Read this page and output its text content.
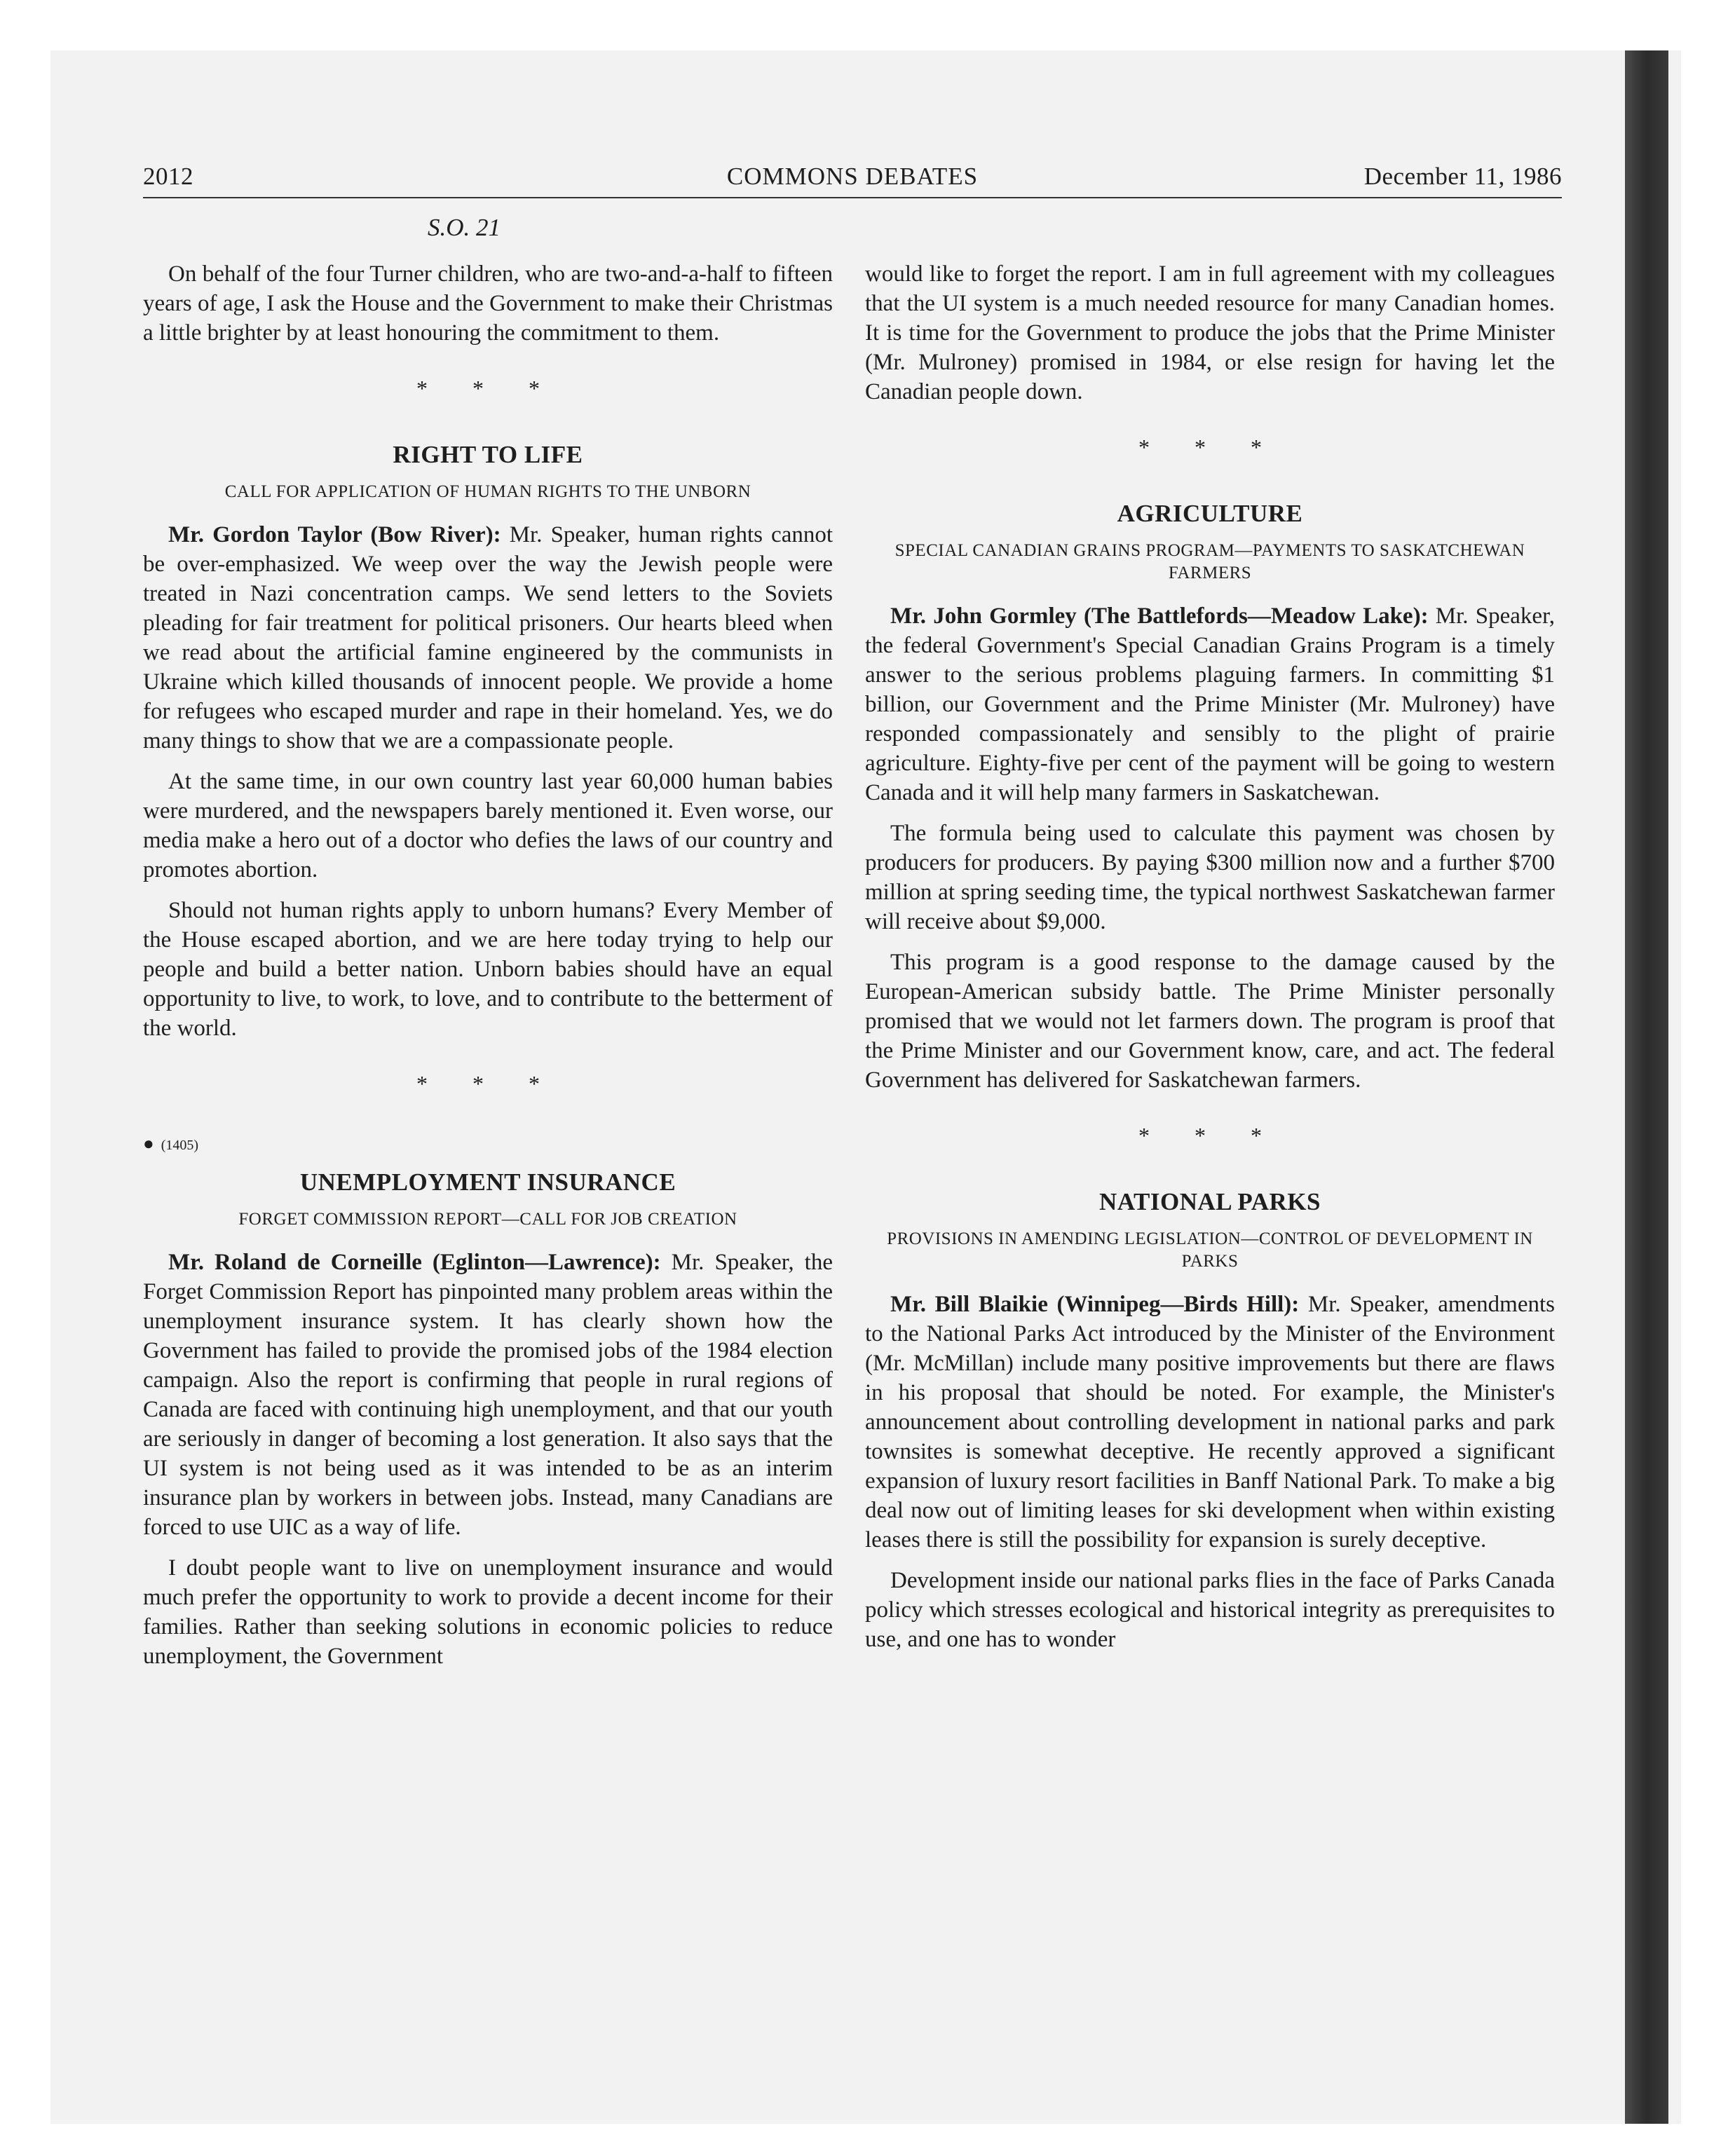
2012	COMMONS DEBATES	December 11, 1986
S.O. 21

On behalf of the four Turner children, who are two-and-a-half to fifteen years of age, I ask the House and the Government to make their Christmas a little brighter by at least honouring the commitment to them.

* * *
RIGHT TO LIFE
CALL FOR APPLICATION OF HUMAN RIGHTS TO THE UNBORN

Mr. Gordon Taylor (Bow River): Mr. Speaker, human rights cannot be over-emphasized. We weep over the way the Jewish people were treated in Nazi concentration camps. We send letters to the Soviets pleading for fair treatment for political prisoners. Our hearts bleed when we read about the artificial famine engineered by the communists in Ukraine which killed thousands of innocent people. We provide a home for refugees who escaped murder and rape in their homeland. Yes, we do many things to show that we are a compassionate people.

At the same time, in our own country last year 60,000 human babies were murdered, and the newspapers barely mentioned it. Even worse, our media make a hero out of a doctor who defies the laws of our country and promotes abortion.

Should not human rights apply to unborn humans? Every Member of the House escaped abortion, and we are here today trying to help our people and build a better nation. Unborn babies should have an equal opportunity to live, to work, to love, and to contribute to the betterment of the world.

* * *
● (1405)
UNEMPLOYMENT INSURANCE
FORGET COMMISSION REPORT—CALL FOR JOB CREATION

Mr. Roland de Corneille (Eglinton—Lawrence): Mr. Speaker, the Forget Commission Report has pinpointed many problem areas within the unemployment insurance system. It has clearly shown how the Government has failed to provide the promised jobs of the 1984 election campaign. Also the report is confirming that people in rural regions of Canada are faced with continuing high unemployment, and that our youth are seriously in danger of becoming a lost generation. It also says that the UI system is not being used as it was intended to be as an interim insurance plan by workers in between jobs. Instead, many Canadians are forced to use UIC as a way of life.

I doubt people want to live on unemployment insurance and would much prefer the opportunity to work to provide a decent income for their families. Rather than seeking solutions in economic policies to reduce unemployment, the Government

would like to forget the report. I am in full agreement with my colleagues that the UI system is a much needed resource for many Canadian homes. It is time for the Government to produce the jobs that the Prime Minister (Mr. Mulroney) promised in 1984, or else resign for having let the Canadian people down.

* * *
AGRICULTURE
SPECIAL CANADIAN GRAINS PROGRAM—PAYMENTS TO SASKATCHEWAN FARMERS

Mr. John Gormley (The Battlefords—Meadow Lake): Mr. Speaker, the federal Government's Special Canadian Grains Program is a timely answer to the serious problems plaguing farmers. In committing $1 billion, our Government and the Prime Minister (Mr. Mulroney) have responded compassionately and sensibly to the plight of prairie agriculture. Eighty-five per cent of the payment will be going to western Canada and it will help many farmers in Saskatchewan.

The formula being used to calculate this payment was chosen by producers for producers. By paying $300 million now and a further $700 million at spring seeding time, the typical northwest Saskatchewan farmer will receive about $9,000.

This program is a good response to the damage caused by the European-American subsidy battle. The Prime Minister personally promised that we would not let farmers down. The program is proof that the Prime Minister and our Government know, care, and act. The federal Government has delivered for Saskatchewan farmers.

* * *
NATIONAL PARKS
PROVISIONS IN AMENDING LEGISLATION—CONTROL OF DEVELOPMENT IN PARKS

Mr. Bill Blaikie (Winnipeg—Birds Hill): Mr. Speaker, amendments to the National Parks Act introduced by the Minister of the Environment (Mr. McMillan) include many positive improvements but there are flaws in his proposal that should be noted. For example, the Minister's announcement about controlling development in national parks and park townsites is somewhat deceptive. He recently approved a significant expansion of luxury resort facilities in Banff National Park. To make a big deal now out of limiting leases for ski development when within existing leases there is still the possibility for expansion is surely deceptive.

Development inside our national parks flies in the face of Parks Canada policy which stresses ecological and historical integrity as prerequisites to use, and one has to wonder
